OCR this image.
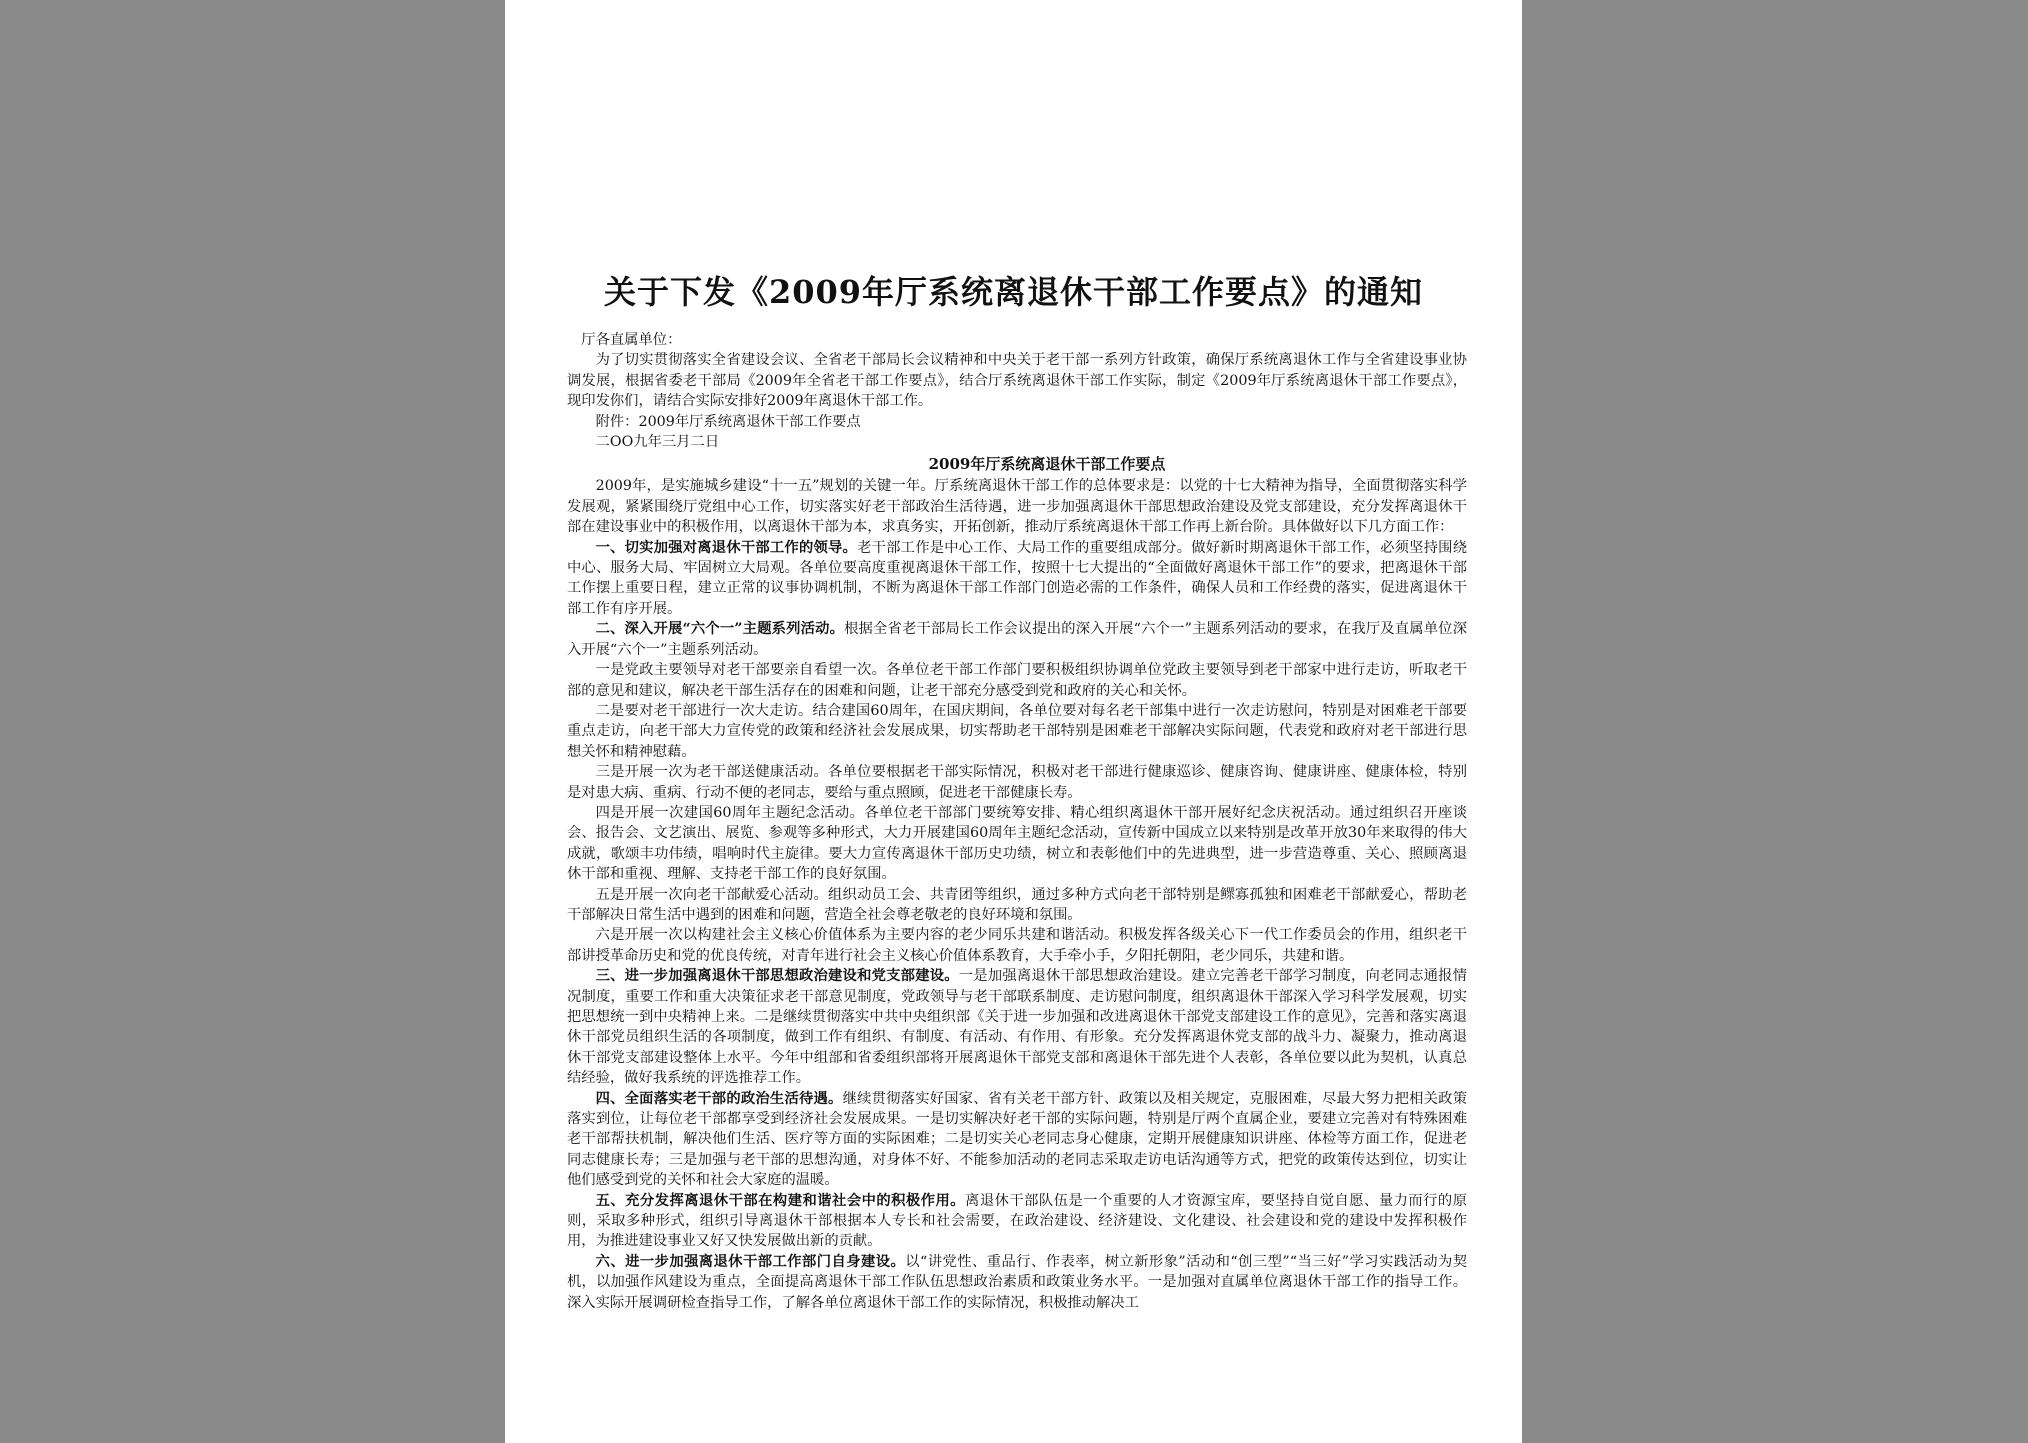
关于下发《2009年厅系统离退休干部工作要点》的通知

厅各直属单位：

为了切实贯彻落实全省建设会议、全省老干部局长会议精神和中央关于老干部一系列方针政策，确保厅系统离退休工作与全省建设事业协调发展，根据省委老干部局《2009年全省老干部工作要点》，结合厅系统离退休干部工作实际，制定《2009年厅系统离退休干部工作要点》，现印发你们，请结合实际安排好2009年离退休干部工作。

附件：2009年厅系统离退休干部工作要点

二OO九年三月二日

2009年厅系统离退休干部工作要点

2009年，是实施城乡建设“十一五”规划的关键一年。厅系统离退休干部工作的总体要求是：以党的十七大精神为指导，全面贯彻落实科学发展观，紧紧围绕厅党组中心工作，切实落实好老干部政治生活待遇，进一步加强离退休干部思想政治建设及党支部建设，充分发挥离退休干部在建设事业中的积极作用，以离退休干部为本，求真务实，开拓创新，推动厅系统离退休干部工作再上新台阶。具体做好以下几方面工作：

一、切实加强对离退休干部工作的领导。老干部工作是中心工作、大局工作的重要组成部分。做好新时期离退休干部工作，必须坚持围绕中心、服务大局、牢固树立大局观。各单位要高度重视离退休干部工作，按照十七大提出的“全面做好离退休干部工作”的要求，把离退休干部工作摆上重要日程，建立正常的议事协调机制，不断为离退休干部工作部门创造必需的工作条件，确保人员和工作经费的落实，促进离退休干部工作有序开展。

二、深入开展“六个一”主题系列活动。根据全省老干部局长工作会议提出的深入开展“六个一”主题系列活动的要求，在我厅及直属单位深入开展“六个一”主题系列活动。

一是党政主要领导对老干部要亲自看望一次。各单位老干部工作部门要积极组织协调单位党政主要领导到老干部家中进行走访，听取老干部的意见和建议，解决老干部生活存在的困难和问题，让老干部充分感受到党和政府的关心和关怀。

二是要对老干部进行一次大走访。结合建国60周年，在国庆期间，各单位要对每名老干部集中进行一次走访慰问，特别是对困难老干部要重点走访，向老干部大力宣传党的政策和经济社会发展成果，切实帮助老干部特别是困难老干部解决实际问题，代表党和政府对老干部进行思想关怀和精神慰藉。

三是开展一次为老干部送健康活动。各单位要根据老干部实际情况，积极对老干部进行健康巡诊、健康咨询、健康讲座、健康体检，特别是对患大病、重病、行动不便的老同志，要给与重点照顾，促进老干部健康长寿。

四是开展一次建国60周年主题纪念活动。各单位老干部部门要统筹安排、精心组织离退休干部开展好纪念庆祝活动。通过组织召开座谈会、报告会、文艺演出、展览、参观等多种形式，大力开展建国60周年主题纪念活动，宣传新中国成立以来特别是改革开放30年来取得的伟大成就，歌颂丰功伟绩，唱响时代主旋律。要大力宣传离退休干部历史功绩，树立和表彰他们中的先进典型，进一步营造尊重、关心、照顾离退休干部和重视、理解、支持老干部工作的良好氛围。

五是开展一次向老干部献爱心活动。组织动员工会、共青团等组织，通过多种方式向老干部特别是鳏寡孤独和困难老干部献爱心，帮助老干部解决日常生活中遇到的困难和问题，营造全社会尊老敬老的良好环境和氛围。

六是开展一次以构建社会主义核心价值体系为主要内容的老少同乐共建和谐活动。积极发挥各级关心下一代工作委员会的作用，组织老干部讲授革命历史和党的优良传统，对青年进行社会主义核心价值体系教育，大手牵小手，夕阳托朝阳，老少同乐，共建和谐。

三、进一步加强离退休干部思想政治建设和党支部建设。一是加强离退休干部思想政治建设。建立完善老干部学习制度，向老同志通报情况制度，重要工作和重大决策征求老干部意见制度，党政领导与老干部联系制度、走访慰问制度，组织离退休干部深入学习科学发展观，切实把思想统一到中央精神上来。二是继续贯彻落实中共中央组织部《关于进一步加强和改进离退休干部党支部建设工作的意见》，完善和落实离退休干部党员组织生活的各项制度，做到工作有组织、有制度、有活动、有作用、有形象。充分发挥离退休党支部的战斗力、凝聚力，推动离退休干部党支部建设整体上水平。今年中组部和省委组织部将开展离退休干部党支部和离退休干部先进个人表彰，各单位要以此为契机，认真总结经验，做好我系统的评选推荐工作。

四、全面落实老干部的政治生活待遇。继续贯彻落实好国家、省有关老干部方针、政策以及相关规定，克服困难，尽最大努力把相关政策落实到位，让每位老干部都享受到经济社会发展成果。一是切实解决好老干部的实际问题，特别是厅两个直属企业，要建立完善对有特殊困难老干部帮扶机制，解决他们生活、医疗等方面的实际困难；二是切实关心老同志身心健康，定期开展健康知识讲座、体检等方面工作，促进老同志健康长寿；三是加强与老干部的思想沟通，对身体不好、不能参加活动的老同志采取走访电话沟通等方式，把党的政策传达到位，切实让他们感受到党的关怀和社会大家庭的温暖。

五、充分发挥离退休干部在构建和谐社会中的积极作用。离退休干部队伍是一个重要的人才资源宝库，要坚持自觉自愿、量力而行的原则，采取多种形式，组织引导离退休干部根据本人专长和社会需要，在政治建设、经济建设、文化建设、社会建设和党的建设中发挥积极作用，为推进建设事业又好又快发展做出新的贡献。

六、进一步加强离退休干部工作部门自身建设。以“讲党性、重品行、作表率，树立新形象”活动和“创三型”“当三好”学习实践活动为契机，以加强作风建设为重点，全面提高离退休干部工作队伍思想政治素质和政策业务水平。一是加强对直属单位离退休干部工作的指导工作。深入实际开展调研检查指导工作，了解各单位离退休干部工作的实际情况，积极推动解决工
